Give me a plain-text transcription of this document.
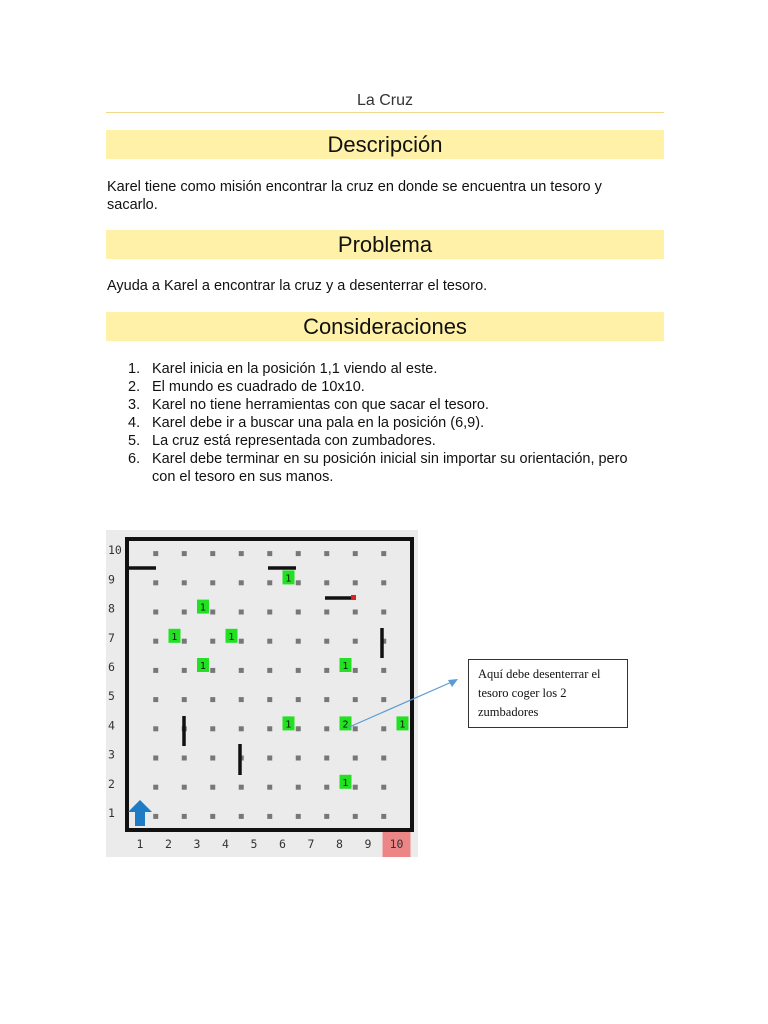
La Cruz
Descripción
Karel tiene como misión encontrar la cruz en donde se encuentra un tesoro y sacarlo.
Problema
Ayuda a Karel a encontrar la cruz y a desenterrar el tesoro.
Consideraciones
1. Karel inicia en la posición 1,1 viendo al este.
2. El mundo es cuadrado de 10x10.
3. Karel no tiene herramientas con que sacar el tesoro.
4. Karel debe ir a buscar una pala en la posición (6,9).
5. La cruz está representada con zumbadores.
6. Karel debe terminar en su posición inicial sin importar su orientación, pero con el tesoro en sus manos.
10
9
8
7
6
5
4
3
2
1
1 2 3 4 5 6 7 8 9 10
1
1
1	1
1	1
1	2	1
1
Aquí debe desenterrar el tesoro coger los 2 zumbadores
